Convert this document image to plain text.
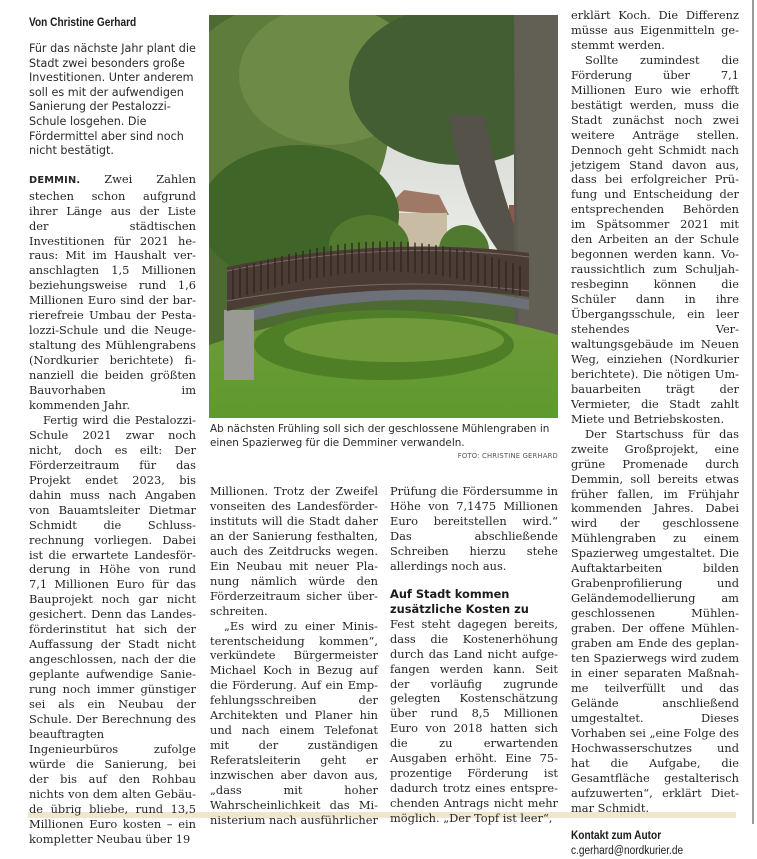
Von Christine Gerhard
Für das nächste Jahr plant die Stadt zwei besonders große Investitionen. Unter anderem soll es mit der aufwendigen Sanierung der Pestalozzi-Schule losgehen. Die Fördermittel aber sind noch nicht bestätigt.

DEMMIN. Zwei Zahlen stechen schon aufgrund ihrer Länge aus der Liste der städtischen Investitionen für 2021 heraus: Mit im Haushalt veranschlagten 1,5 Millionen beziehungsweise rund 1,6 Millionen Euro sind der barrierefreie Umbau der Pestalozzi-Schule und die Neugestaltung des Mühlengrabens (Nordkurier berichtete) finanziell die beiden größten Bauvorhaben im kommenden Jahr.

Fertig wird die Pestalozzi-Schule 2021 zwar noch nicht, doch es eilt: Der Förderzeitraum für das Projekt endet 2023, bis dahin muss nach Angaben von Bauamtsleiter Dietmar Schmidt die Schlussrechnung vorliegen. Dabei ist die erwartete Landesförderung in Höhe von rund 7,1 Millionen Euro für das Bauprojekt noch gar nicht gesichert. Denn das Landesförderinstitut hat sich der Auffassung der Stadt nicht angeschlossen, nach der die geplante aufwendige Sanierung noch immer günstiger sei als ein Neubau der Schule. Der Berechnung des beauftragten Ingenieurbüros zufolge würde die Sanierung, bei der bis auf den Rohbau nichts von dem alten Gebäude übrig bliebe, rund 13,5 Millionen Euro kosten – ein kompletter Neubau über 19

Ab nächsten Frühling soll sich der geschlossene Mühlengraben in einen Spazierweg für die Demminer verwandeln.
FOTO: CHRISTINE GERHARD

Millionen. Trotz der Zweifel vonseiten des Landesförderinstituts will die Stadt daher an der Sanierung festhalten, auch des Zeitdrucks wegen. Ein Neubau mit neuer Planung nämlich würde den Förderzeitraum sicher überschreiten.

„Es wird zu einer Ministerentscheidung kommen“, verkündete Bürgermeister Michael Koch in Bezug auf die Förderung. Auf ein Empfehlungsschreiben der Architekten und Planer hin und nach einem Telefonat mit der zuständigen Referatsleiterin geht er inzwischen aber davon aus, „dass mit hoher Wahrscheinlichkeit das Ministerium nach ausführlicher

Prüfung die Fördersumme in Höhe von 7,1475 Millionen Euro bereitstellen wird.“ Das abschließende Schreiben hierzu stehe allerdings noch aus.

Auf Stadt kommen zusätzliche Kosten zu

Fest steht dagegen bereits, dass die Kostenerhöhung durch das Land nicht aufgefangen werden kann. Seit der vorläufig zugrunde gelegten Kostenschätzung über rund 8,5 Millionen Euro von 2018 hatten sich die zu erwartenden Ausgaben erhöht. Eine 75-prozentige Förderung ist dadurch trotz eines entsprechenden Antrags nicht mehr möglich. „Der Topf ist leer“,

erklärt Koch. Die Differenz müsse aus Eigenmitteln gestemmt werden.

Sollte zumindest die Förderung über 7,1 Millionen Euro wie erhofft bestätigt werden, muss die Stadt zunächst noch zwei weitere Anträge stellen. Dennoch geht Schmidt nach jetzigem Stand davon aus, dass bei erfolgreicher Prüfung und Entscheidung der entsprechenden Behörden im Spätsommer 2021 mit den Arbeiten an der Schule begonnen werden kann. Voraussichtlich zum Schuljahresbeginn können die Schüler dann in ihre Übergangsschule, ein leer stehendes Verwaltungsgebäude im Neuen Weg, einziehen (Nordkurier berichtete). Die nötigen Umbauarbeiten trägt der Vermieter, die Stadt zahlt Miete und Betriebskosten.

Der Startschuss für das zweite Großprojekt, eine grüne Promenade durch Demmin, soll bereits etwas früher fallen, im Frühjahr kommenden Jahres. Dabei wird der geschlossene Mühlengraben zu einem Spazierweg umgestaltet. Die Auftaktarbeiten bilden Grabenprofilierung und Geländemodellierung am geschlossenen Mühlengraben. Der offene Mühlengraben am Ende des geplanten Spazierwegs wird zudem in einer separaten Maßnahme teilverfüllt und das Gelände anschließend umgestaltet. Dieses Vorhaben sei „eine Folge des Hochwasserschutzes und hat die Aufgabe, die Gesamtfläche gestalterisch aufzuwerten“, erklärt Dietmar Schmidt.

Kontakt zum Autor
c.gerhard@nordkurier.de
